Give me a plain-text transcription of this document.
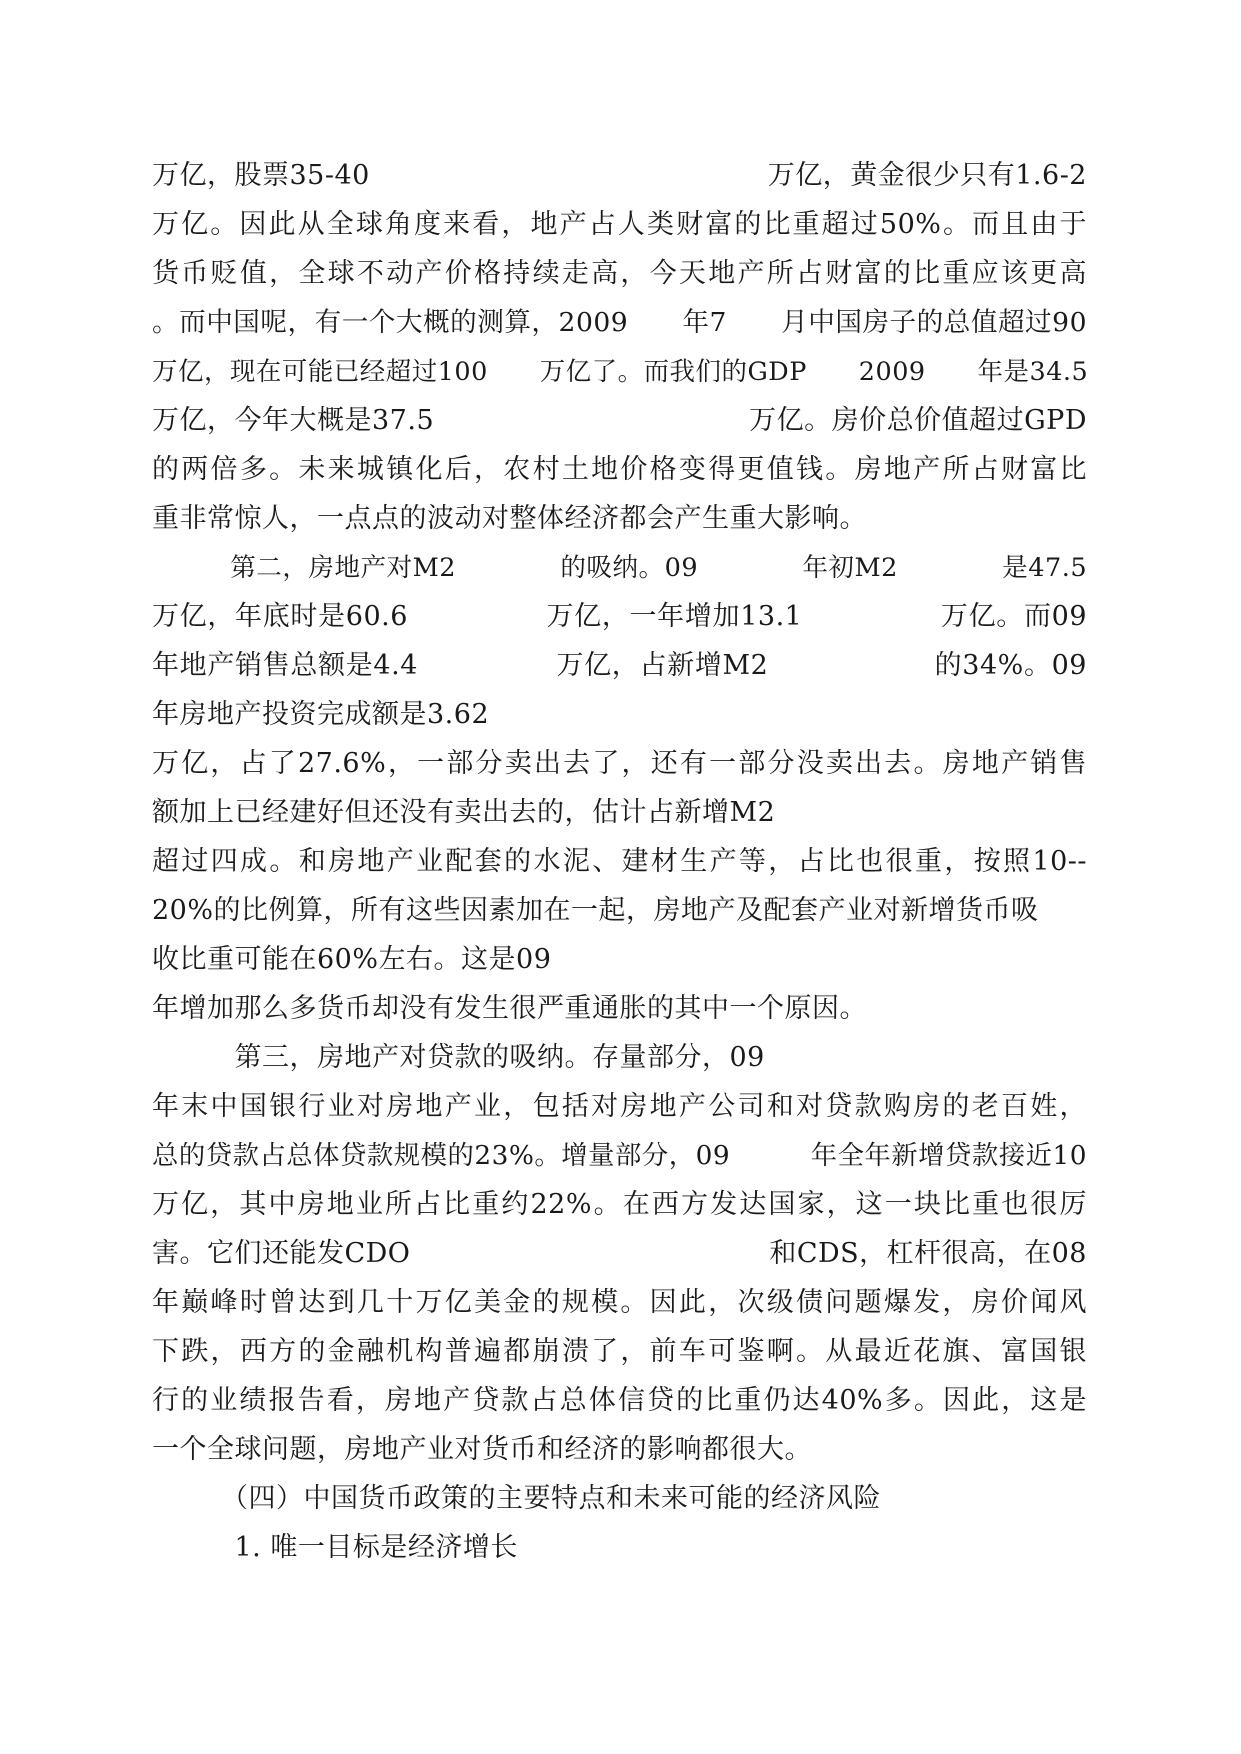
万亿，股票35-40	万亿，黄金很少只有1.6-2
万亿。因此从全球角度来看，地产占人类财富的比重超过50%。而且由于
货币贬值，全球不动产价格持续走高，今天地产所占财富的比重应该更高
。而中国呢，有一个大概的测算，2009　　年7　　月中国房子的总值超过90
万亿，现在可能已经超过100　　万亿了。而我们的GDP　　2009　　年是34.5
万亿，今年大概是37.5	万亿。房价总价值超过GPD
的两倍多。未来城镇化后，农村土地价格变得更值钱。房地产所占财富比
重非常惊人，一点点的波动对整体经济都会产生重大影响。
　　　第二，房地产对M2　　　　的吸纳。09　　　　年初M2　　　　是47.5
万亿，年底时是60.6　　　　　万亿，一年增加13.1　　　　　万亿。而09
年地产销售总额是4.4　　　　　万亿，占新增M2　　　　　　的34%。09
年房地产投资完成额是3.62
万亿，占了27.6%，一部分卖出去了，还有一部分没卖出去。房地产销售
额加上已经建好但还没有卖出去的，估计占新增M2
超过四成。和房地产业配套的水泥、建材生产等，占比也很重，按照10--
20%的比例算，所有这些因素加在一起，房地产及配套产业对新增货币吸
收比重可能在60%左右。这是09
年增加那么多货币却没有发生很严重通胀的其中一个原因。
　　　第三，房地产对贷款的吸纳。存量部分，09
年末中国银行业对房地产业，包括对房地产公司和对贷款购房的老百姓，
总的贷款占总体贷款规模的23%。增量部分，09　　　年全年新增贷款接近10
万亿，其中房地业所占比重约22%。在西方发达国家，这一块比重也很厉
害。它们还能发CDO	和CDS，杠杆很高，在08
年巅峰时曾达到几十万亿美金的规模。因此，次级债问题爆发，房价闻风
下跌，西方的金融机构普遍都崩溃了，前车可鉴啊。从最近花旗、富国银
行的业绩报告看，房地产贷款占总体信贷的比重仍达40%多。因此，这是
一个全球问题，房地产业对货币和经济的影响都很大。
　　　（四）中国货币政策的主要特点和未来可能的经济风险
　　　1. 唯一目标是经济增长
